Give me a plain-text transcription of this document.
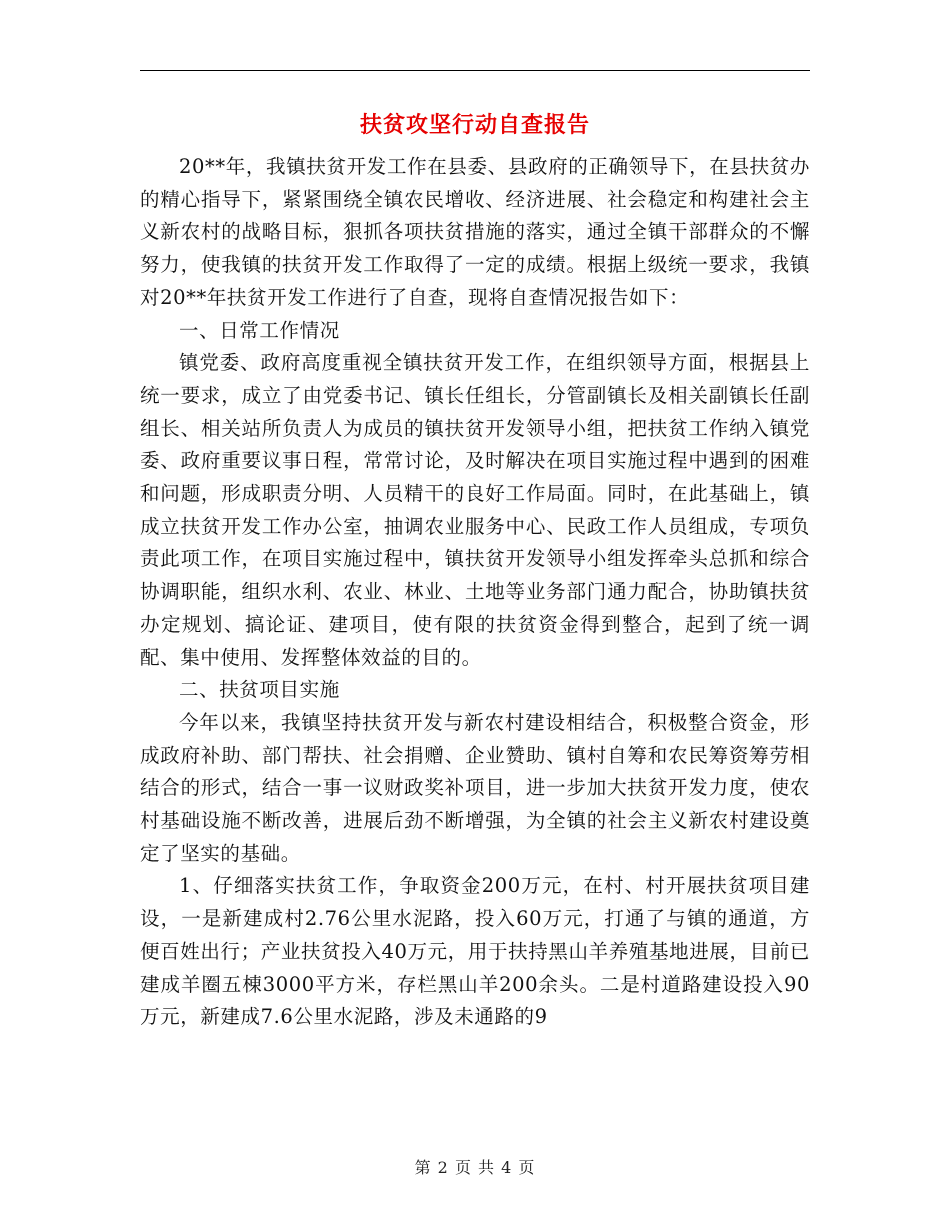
扶贫攻坚行动自查报告

20**年，我镇扶贫开发工作在县委、县政府的正确领导下，在县扶贫办的精心指导下，紧紧围绕全镇农民增收、经济进展、社会稳定和构建社会主义新农村的战略目标，狠抓各项扶贫措施的落实，通过全镇干部群众的不懈努力，使我镇的扶贫开发工作取得了一定的成绩。根据上级统一要求，我镇对20**年扶贫开发工作进行了自查，现将自查情况报告如下：

一、日常工作情况

镇党委、政府高度重视全镇扶贫开发工作，在组织领导方面，根据县上统一要求，成立了由党委书记、镇长任组长，分管副镇长及相关副镇长任副组长、相关站所负责人为成员的镇扶贫开发领导小组，把扶贫工作纳入镇党委、政府重要议事日程，常常讨论，及时解决在项目实施过程中遇到的困难和问题，形成职责分明、人员精干的良好工作局面。同时，在此基础上，镇成立扶贫开发工作办公室，抽调农业服务中心、民政工作人员组成，专项负责此项工作，在项目实施过程中，镇扶贫开发领导小组发挥牵头总抓和综合协调职能，组织水利、农业、林业、土地等业务部门通力配合，协助镇扶贫办定规划、搞论证、建项目，使有限的扶贫资金得到整合，起到了统一调配、集中使用、发挥整体效益的目的。

二、扶贫项目实施

今年以来，我镇坚持扶贫开发与新农村建设相结合，积极整合资金，形成政府补助、部门帮扶、社会捐赠、企业赞助、镇村自筹和农民筹资筹劳相结合的形式，结合一事一议财政奖补项目，进一步加大扶贫开发力度，使农村基础设施不断改善，进展后劲不断增强，为全镇的社会主义新农村建设奠定了坚实的基础。

1、仔细落实扶贫工作，争取资金200万元，在村、村开展扶贫项目建设，一是新建成村2.76公里水泥路，投入60万元，打通了与镇的通道，方便百姓出行；产业扶贫投入40万元，用于扶持黑山羊养殖基地进展，目前已建成羊圈五棟3000平方米，存栏黑山羊200余头。二是村道路建设投入90万元，新建成7.6公里水泥路，涉及未通路的9

第 2 页 共 4 页
